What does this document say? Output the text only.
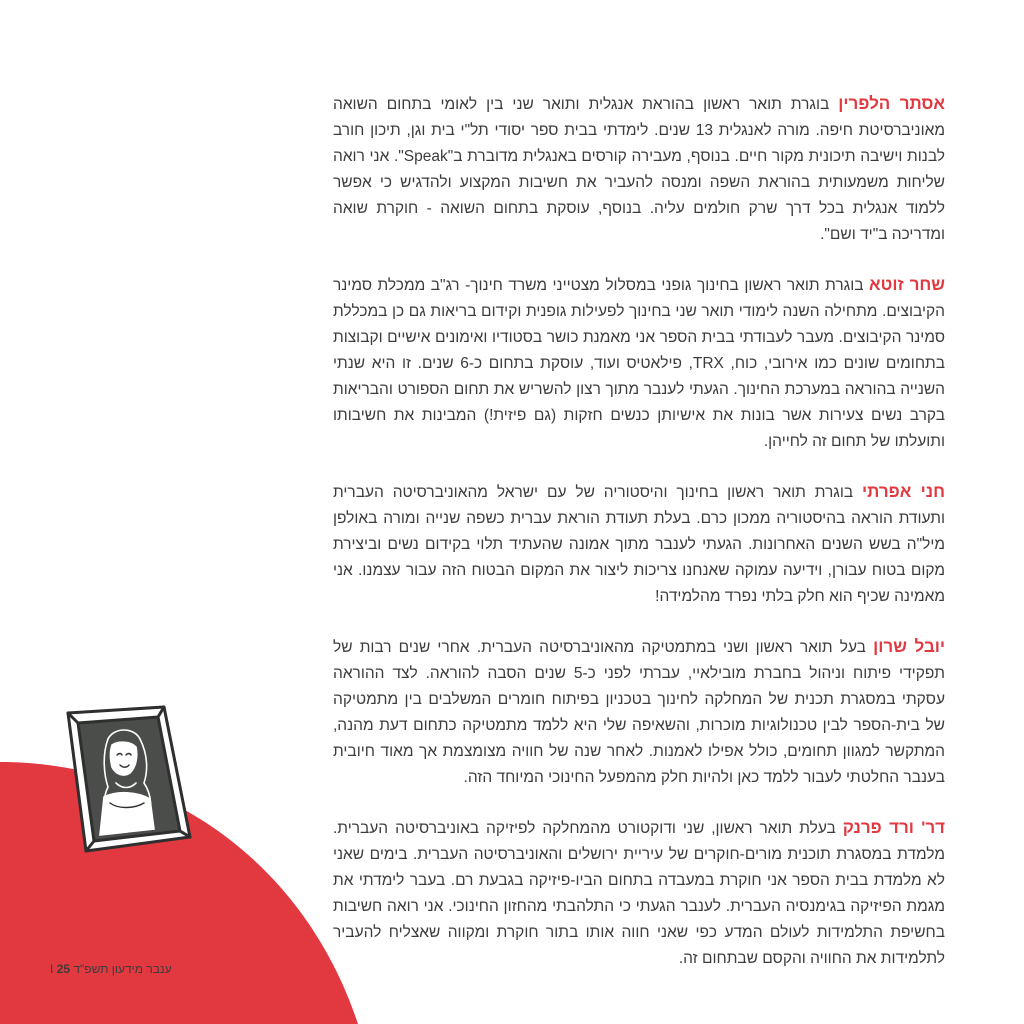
אסתר הלפרין בוגרת תואר ראשון בהוראת אנגלית ותואר שני בין לאומי בתחום השואה מאוניברסיטת חיפה. מורה לאנגלית 13 שנים. לימדתי בבית ספר יסודי תל"י בית וגן, תיכון חורב לבנות וישיבה תיכונית מקור חיים. בנוסף, מעבירה קורסים באנגלית מדוברת ב"Speak". אני רואה שליחות משמעותית בהוראת השפה ומנסה להעביר את חשיבות המקצוע ולהדגיש כי אפשר ללמוד אנגלית בכל דרך שרק חולמים עליה. בנוסף, עוסקת בתחום השואה - חוקרת שואה ומדריכה ב"יד ושם".

שחר זוטא בוגרת תואר ראשון בחינוך גופני במסלול מצטייני משרד חינוך- רג"ב ממכלת סמינר הקיבוצים. מתחילה השנה לימודי תואר שני בחינוך לפעילות גופנית וקידום בריאות גם כן במכללת סמינר הקיבוצים. מעבר לעבודתי בבית הספר אני מאמנת כושר בסטודיו ואימונים אישיים וקבוצות בתחומים שונים כמו אירובי, כוח, TRX, פילאטיס ועוד, עוסקת בתחום כ-6 שנים. זו היא שנתי השנייה בהוראה במערכת החינוך. הגעתי לענבר מתוך רצון להשריש את תחום הספורט והבריאות בקרב נשים צעירות אשר בונות את אישיותן כנשים חזקות (גם פיזית!) המבינות את חשיבותו ותועלתו של תחום זה לחייהן.

חני אפרתי בוגרת תואר ראשון בחינוך והיסטוריה של עם ישראל מהאוניברסיטה העברית ותעודת הוראה בהיסטוריה ממכון כרם. בעלת תעודת הוראת עברית כשפה שנייה ומורה באולפן מיל"ה בשש השנים האחרונות. הגעתי לענבר מתוך אמונה שהעתיד תלוי בקידום נשים וביצירת מקום בטוח עבורן, וידיעה עמוקה שאנחנו צריכות ליצור את המקום הבטוח הזה עבור עצמנו. אני מאמינה שכיף הוא חלק בלתי נפרד מהלמידה!

יובל שרון בעל תואר ראשון ושני במתמטיקה מהאוניברסיטה העברית. אחרי שנים רבות של תפקידי פיתוח וניהול בחברת מובילאיי, עברתי לפני כ-5 שנים הסבה להוראה. לצד ההוראה עסקתי במסגרת תכנית של המחלקה לחינוך בטכניון בפיתוח חומרים המשלבים בין מתמטיקה של בית-הספר לבין טכנולוגיות מוכרות, והשאיפה שלי היא ללמד מתמטיקה כתחום דעת מהנה, המתקשר למגוון תחומים, כולל אפילו לאמנות. לאחר שנה של חוויה מצומצמת אך מאוד חיובית בענבר החלטתי לעבור ללמד כאן ולהיות חלק מהמפעל החינוכי המיוחד הזה.

דר' ורד פרנק בעלת תואר ראשון, שני ודוקטורט מהמחלקה לפיזיקה באוניברסיטה העברית. מלמדת במסגרת תוכנית מורים-חוקרים של עיריית ירושלים והאוניברסיטה העברית. בימים שאני לא מלמדת בבית הספר אני חוקרת במעבדה בתחום הביו-פיזיקה בגבעת רם. בעבר לימדתי את מגמת הפיזיקה בגימנסיה העברית. לענבר הגעתי כי התלהבתי מהחזון החינוכי. אני רואה חשיבות בחשיפת התלמידות לעולם המדע כפי שאני חווה אותו בתור חוקרת ומקווה שאצליח להעביר לתלמידות את החוויה והקסם שבתחום זה.

ענבר מידעון תשפ"ד I 25
